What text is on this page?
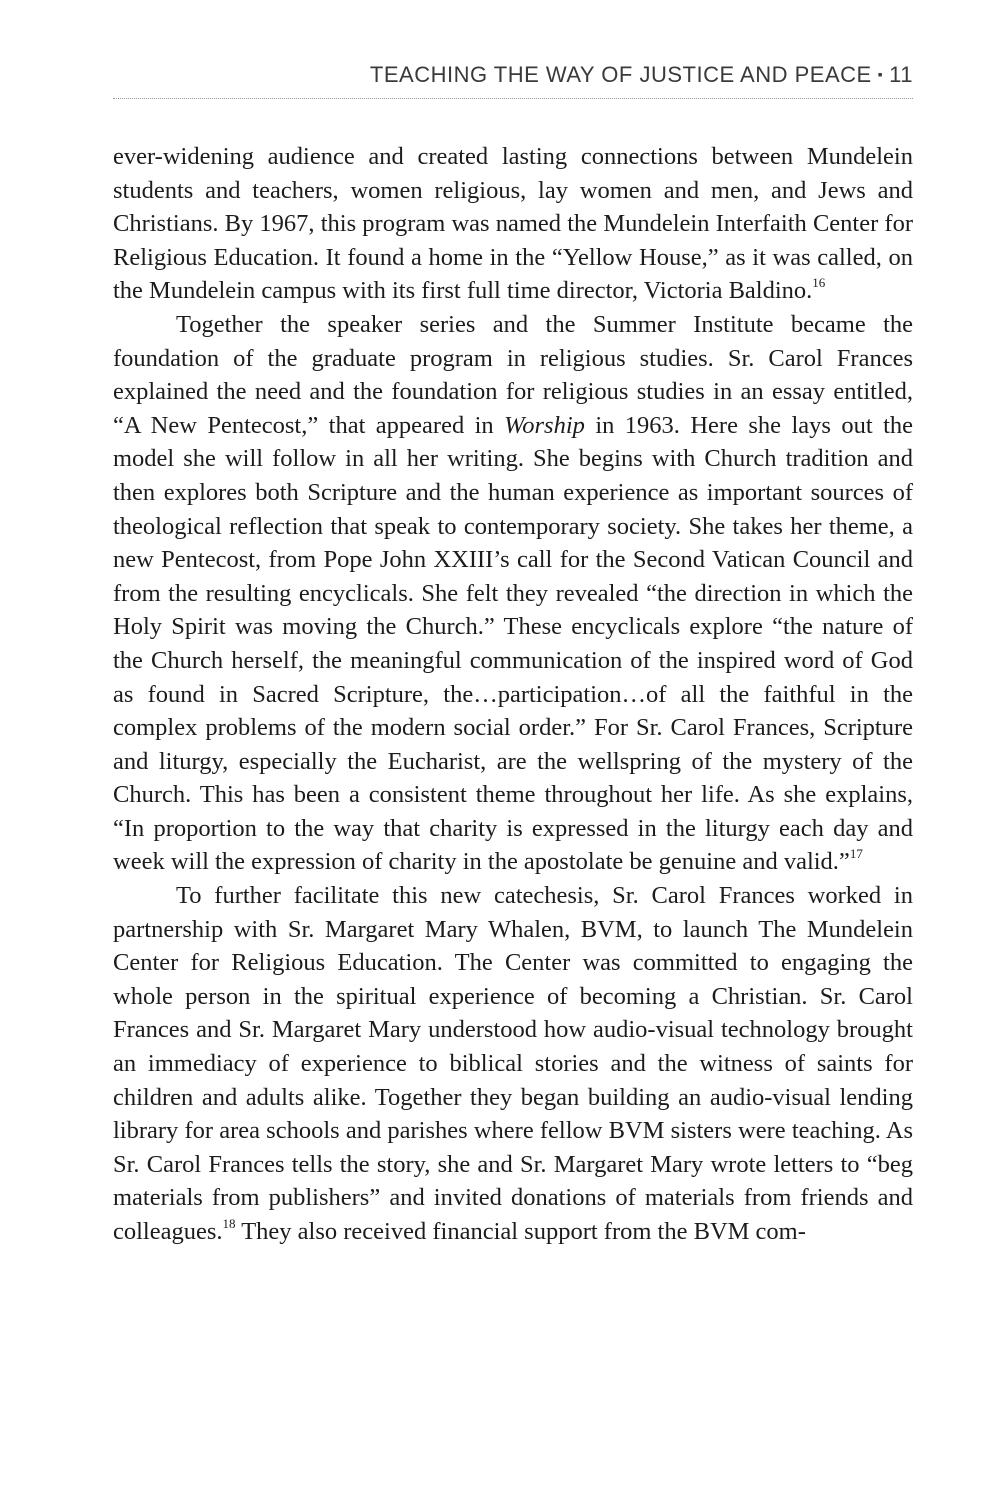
TEACHING THE WAY OF JUSTICE AND PEACE ▪ 11

ever-widening audience and created lasting connections between Mundelein students and teachers, women religious, lay women and men, and Jews and Christians. By 1967, this program was named the Mundelein Interfaith Center for Religious Education. It found a home in the “Yellow House,” as it was called, on the Mundelein campus with its first full time director, Victoria Baldino.$^{16}$

Together the speaker series and the Summer Institute became the foundation of the graduate program in religious studies. Sr. Carol Frances explained the need and the foundation for religious studies in an essay entitled, “A New Pentecost,” that appeared in Worship in 1963. Here she lays out the model she will follow in all her writing. She begins with Church tradition and then explores both Scripture and the human experience as important sources of theological reflection that speak to contemporary society. She takes her theme, a new Pentecost, from Pope John XXIII’s call for the Second Vatican Council and from the resulting encyclicals. She felt they revealed “the direction in which the Holy Spirit was moving the Church.” These encyclicals explore “the nature of the Church herself, the meaningful communication of the inspired word of God as found in Sacred Scripture, the…participation…of all the faithful in the complex problems of the modern social order.” For Sr. Carol Frances, Scripture and liturgy, especially the Eucharist, are the wellspring of the mystery of the Church. This has been a consistent theme throughout her life. As she explains, “In proportion to the way that charity is expressed in the liturgy each day and week will the expression of charity in the apostolate be genuine and valid.”$^{17}$

To further facilitate this new catechesis, Sr. Carol Frances worked in partnership with Sr. Margaret Mary Whalen, BVM, to launch The Mundelein Center for Religious Education. The Center was committed to engaging the whole person in the spiritual experience of becoming a Christian. Sr. Carol Frances and Sr. Margaret Mary understood how audio-visual technology brought an immediacy of experience to biblical stories and the witness of saints for children and adults alike. Together they began building an audio-visual lending library for area schools and parishes where fellow BVM sisters were teaching. As Sr. Carol Frances tells the story, she and Sr. Margaret Mary wrote letters to “beg materials from publishers” and invited donations of materials from friends and colleagues.$^{18}$ They also received financial support from the BVM com-
